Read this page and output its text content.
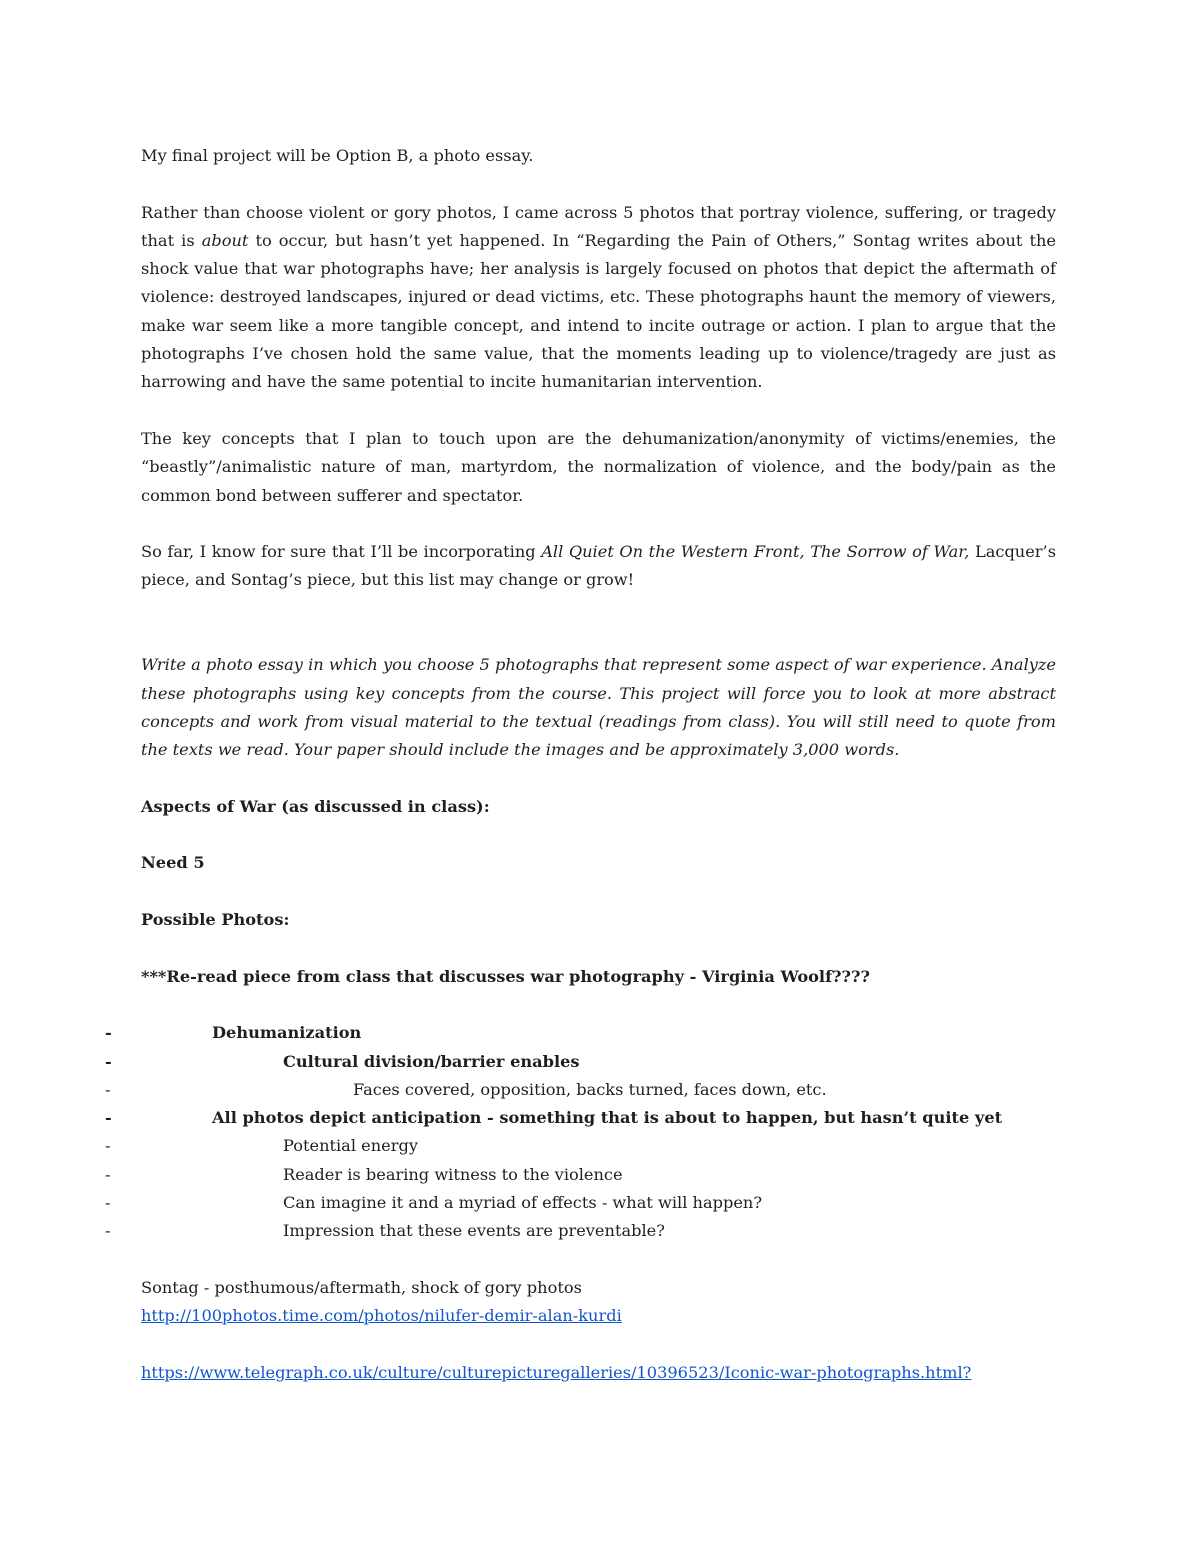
My final project will be Option B, a photo essay.

Rather than choose violent or gory photos, I came across 5 photos that portray violence, suffering, or tragedy that is about to occur, but hasn’t yet happened. In “Regarding the Pain of Others,” Sontag writes about the shock value that war photographs have; her analysis is largely focused on photos that depict the aftermath of violence: destroyed landscapes, injured or dead victims, etc. These photographs haunt the memory of viewers, make war seem like a more tangible concept, and intend to incite outrage or action. I plan to argue that the photographs I’ve chosen hold the same value, that the moments leading up to violence/tragedy are just as harrowing and have the same potential to incite humanitarian intervention.

The key concepts that I plan to touch upon are the dehumanization/anonymity of victims/enemies, the “beastly”/animalistic nature of man, martyrdom, the normalization of violence, and the body/pain as the common bond between sufferer and spectator.

So far, I know for sure that I’ll be incorporating All Quiet On the Western Front, The Sorrow of War, Lacquer’s piece, and Sontag’s piece, but this list may change or grow!

Write a photo essay in which you choose 5 photographs that represent some aspect of war experience. Analyze these photographs using key concepts from the course. This project will force you to look at more abstract concepts and work from visual material to the textual (readings from class). You will still need to quote from the texts we read. Your paper should include the images and be approximately 3,000 words.

Aspects of War (as discussed in class):

Need 5

Possible Photos:

***Re-read piece from class that discusses war photography - Virginia Woolf????

-	Dehumanization
-	Cultural division/barrier enables
-	Faces covered, opposition, backs turned, faces down, etc.
-	All photos depict anticipation - something that is about to happen, but hasn’t quite yet
-	Potential energy
-	Reader is bearing witness to the violence
-	Can imagine it and a myriad of effects - what will happen?
-	Impression that these events are preventable?

Sontag - posthumous/aftermath, shock of gory photos

http://100photos.time.com/photos/nilufer-demir-alan-kurdi

https://www.telegraph.co.uk/culture/culturepicturegalleries/10396523/Iconic-war-photographs.html?
